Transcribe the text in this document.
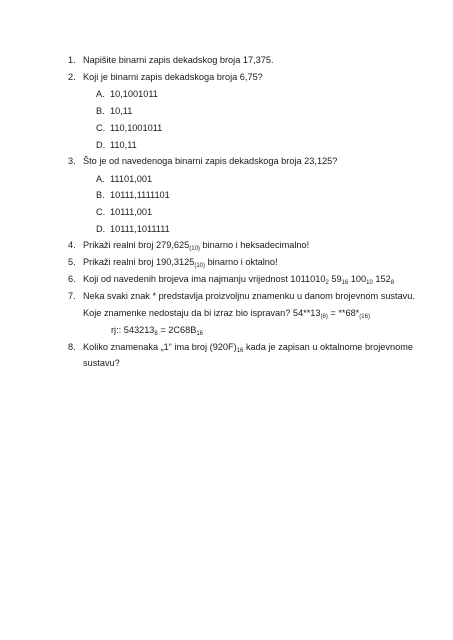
1. Napišite binarni zapis dekadskog broja 17,375.
2. Koji je binarni zapis dekadskoga broja 6,75?
A. 10,1001011
B. 10,11
C. 110,1001011
D. 110,11
3. Što je od navedenoga binarni zapis dekadskoga broja 23,125?
A. 11101,001
B. 10111,1111101
C. 10111,001
D. 10111,1011111
4. Prikaži realni broj $279,625_{(10)}$ binarno i heksadecimalno!
5. Prikaži realni broj $190,3125_{(10)}$ binarno i oktalno!
6. Koji od navedenih brojeva ima najmanju vrijednost $1011010_2$ $59_{16}$ $100_{10}$ $152_8$
7. Neka svaki znak * predstavlja proizvoljnu znamenku u danom brojevnom sustavu.
Koje znamenke nedostaju da bi izraz bio ispravan? $54**13_{(8)} = **68*_{(16)}$
rj:: $543213_8 = 2C68B_{16}$
8. Koliko znamenaka „1“ ima broj $(920F)_{16}$ kada je zapisan u oktalnome brojevnome
sustavu?
